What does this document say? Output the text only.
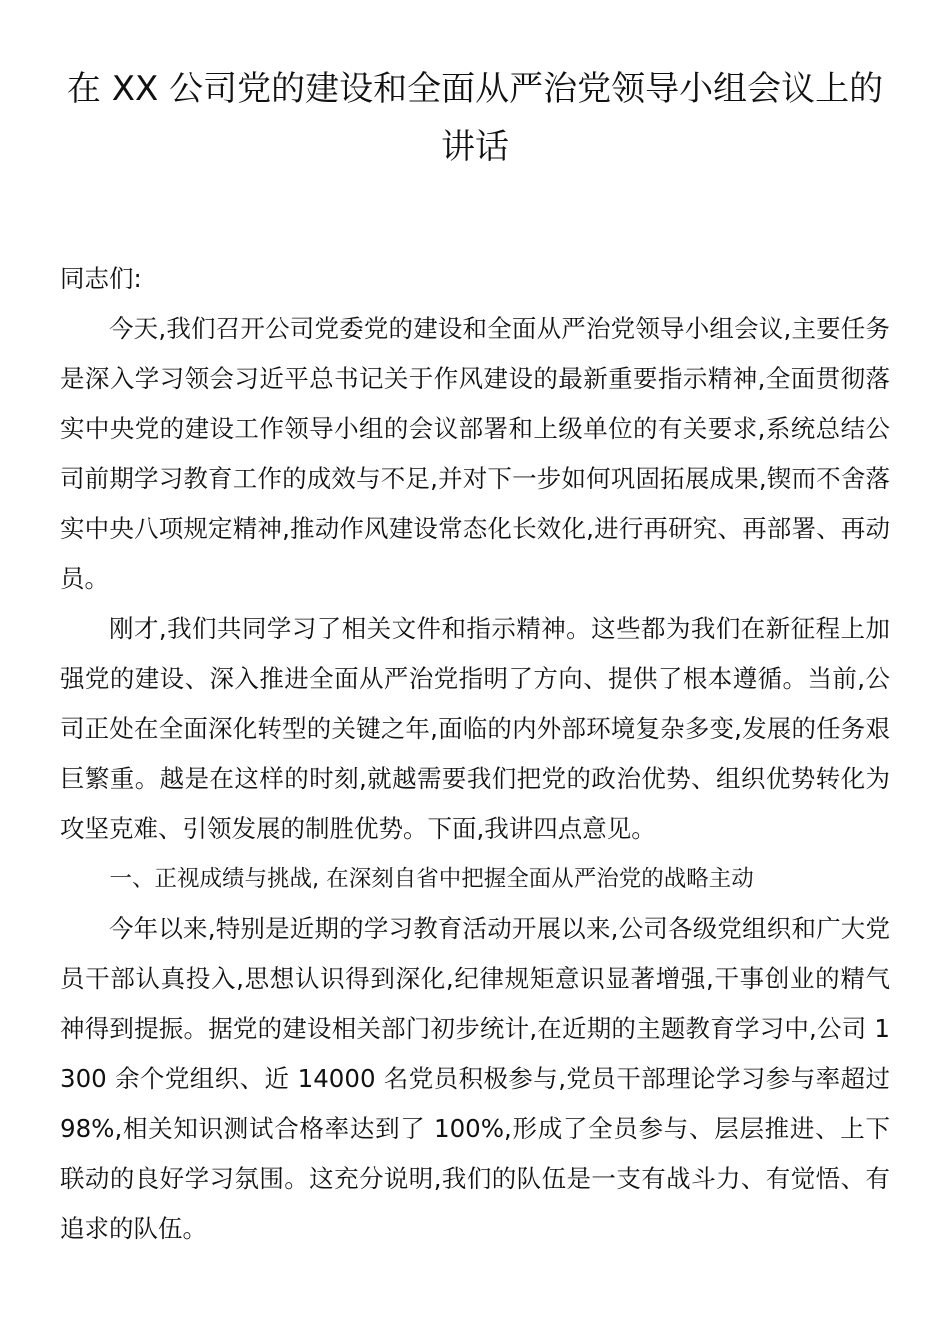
在 XX 公司党的建设和全面从严治党领导小组会议上的讲话

同志们:

今天,我们召开公司党委党的建设和全面从严治党领导小组会议,主要任务是深入学习领会习近平总书记关于作风建设的最新重要指示精神,全面贯彻落实中央党的建设工作领导小组的会议部署和上级单位的有关要求,系统总结公司前期学习教育工作的成效与不足,并对下一步如何巩固拓展成果,锲而不舍落实中央八项规定精神,推动作风建设常态化长效化,进行再研究、再部署、再动员。

刚才,我们共同学习了相关文件和指示精神。这些都为我们在新征程上加强党的建设、深入推进全面从严治党指明了方向、提供了根本遵循。当前,公司正处在全面深化转型的关键之年,面临的内外部环境复杂多变,发展的任务艰巨繁重。越是在这样的时刻,就越需要我们把党的政治优势、组织优势转化为攻坚克难、引领发展的制胜优势。下面,我讲四点意见。

一、正视成绩与挑战, 在深刻自省中把握全面从严治党的战略主动

今年以来,特别是近期的学习教育活动开展以来,公司各级党组织和广大党员干部认真投入,思想认识得到深化,纪律规矩意识显著增强,干事创业的精气神得到提振。据党的建设相关部门初步统计,在近期的主题教育学习中,公司 1300 余个党组织、近 14000 名党员积极参与,党员干部理论学习参与率超过 98%,相关知识测试合格率达到了 100%,形成了全员参与、层层推进、上下联动的良好学习氛围。这充分说明,我们的队伍是一支有战斗力、有觉悟、有追求的队伍。
